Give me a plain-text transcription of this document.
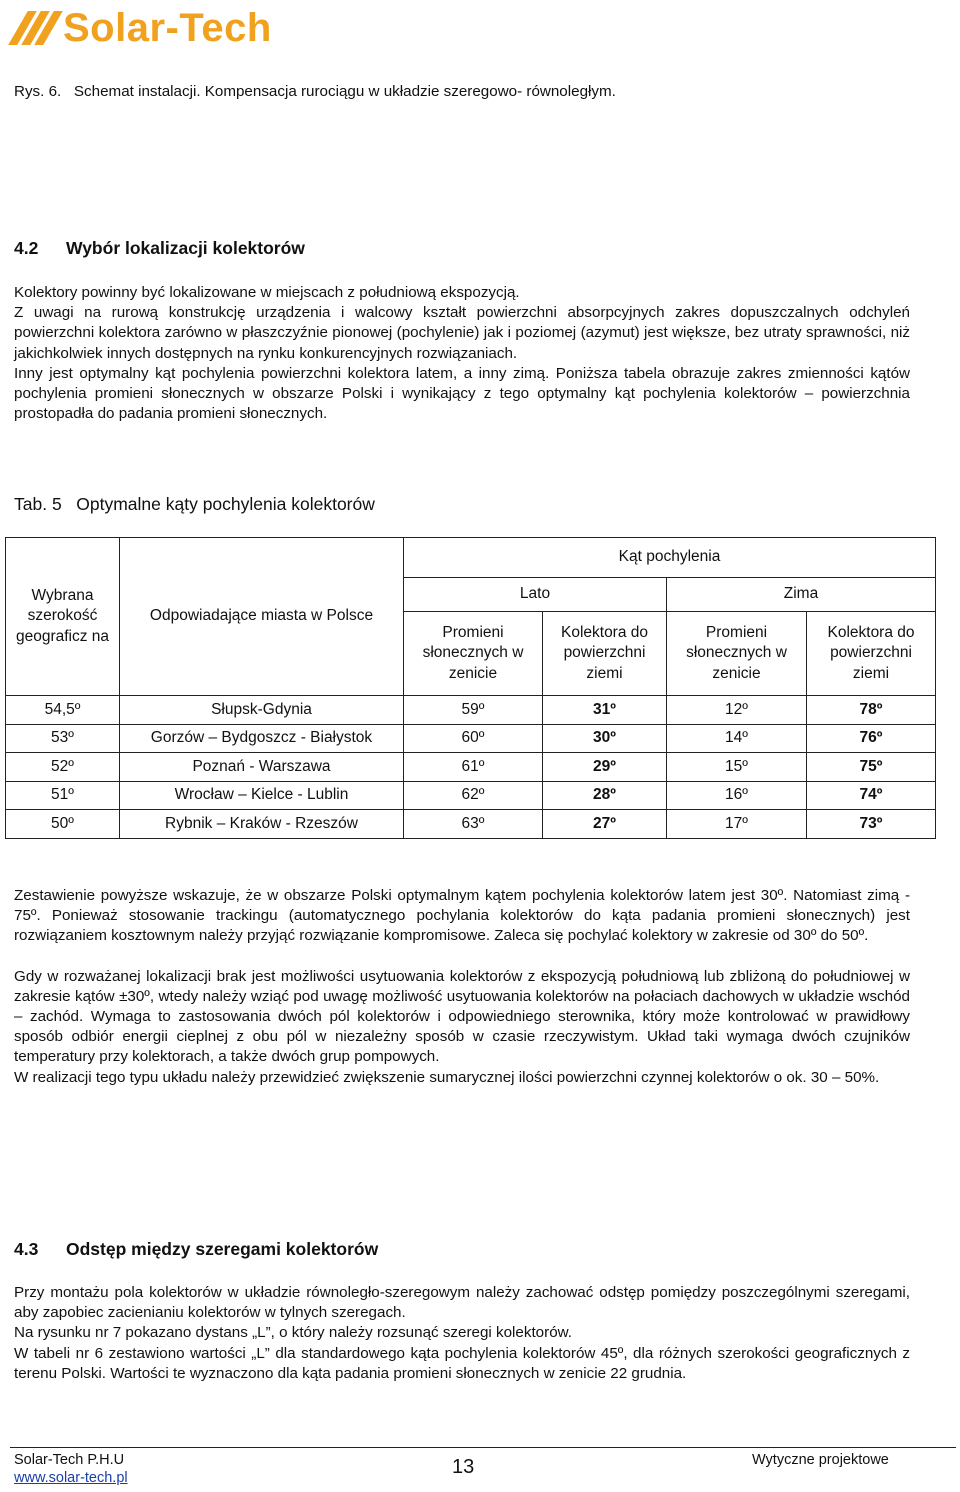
Solar-Tech

Rys. 6.   Schemat instalacji. Kompensacja rurociągu w układzie szeregowo- równoległym.

4.2 Wybór lokalizacji kolektorów

Kolektory powinny być lokalizowane w miejscach z południową ekspozycją.

Z uwagi na rurową konstrukcję urządzenia i walcowy kształt powierzchni absorpcyjnych zakres dopuszczalnych odchyleń powierzchni kolektora zarówno w płaszczyźnie pionowej (pochylenie) jak i poziomej (azymut) jest większe, bez utraty sprawności, niż jakichkolwiek innych dostępnych na rynku konkurencyjnych rozwiązaniach.

Inny jest optymalny kąt pochylenia powierzchni kolektora latem, a inny zimą. Poniższa tabela obrazuje zakres zmienności kątów pochylenia promieni słonecznych w obszarze Polski i wynikający z tego optymalny kąt pochylenia kolektorów – powierzchnia prostopadła do padania promieni słonecznych.

Tab. 5   Optymalne kąty pochylenia kolektorów

Wybrana szerokość geograficz na	Odpowiadające miasta w Polsce	Kąt pochylenia			
		Lato		Zima	
		Promieni słonecznych w zenicie	Kolektora do powierzchni ziemi	Promieni słonecznych w zenicie	Kolektora do powierzchni ziemi
54,5º	Słupsk-Gdynia	59º	31º	12º	78º
53º	Gorzów – Bydgoszcz - Białystok	60º	30º	14º	76º
52º	Poznań - Warszawa	61º	29º	15º	75º
51º	Wrocław – Kielce - Lublin	62º	28º	16º	74º
50º	Rybnik – Kraków - Rzeszów	63º	27º	17º	73º

Zestawienie powyższe wskazuje, że w obszarze Polski optymalnym kątem pochylenia kolektorów latem jest 30º. Natomiast zimą - 75º. Ponieważ stosowanie trackingu (automatycznego pochylania kolektorów do kąta padania promieni słonecznych) jest rozwiązaniem kosztownym należy przyjąć rozwiązanie kompromisowe. Zaleca się pochylać kolektory w zakresie od 30º do 50º.

Gdy w rozważanej lokalizacji brak jest możliwości usytuowania kolektorów z ekspozycją południową lub zbliżoną do południowej w zakresie kątów ±30º, wtedy należy wziąć pod uwagę możliwość usytuowania kolektorów na połaciach dachowych w układzie wschód – zachód. Wymaga to zastosowania dwóch pól kolektorów i odpowiedniego sterownika, który może kontrolować w prawidłowy sposób odbiór energii cieplnej z obu pól w niezależny sposób w czasie rzeczywistym. Układ taki wymaga dwóch czujników temperatury przy kolektorach, a także dwóch grup pompowych.

W realizacji tego typu układu należy przewidzieć zwiększenie sumarycznej ilości powierzchni czynnej kolektorów o ok. 30 – 50%.

4.3 Odstęp między szeregami kolektorów

Przy montażu pola kolektorów w układzie równoległo-szeregowym należy zachować odstęp pomiędzy poszczególnymi szeregami, aby zapobiec zacienianiu kolektorów w tylnych szeregach.

Na rysunku nr 7 pokazano dystans „L”, o który należy rozsunąć szeregi kolektorów.

W tabeli nr 6 zestawiono wartości „L” dla standardowego kąta pochylenia kolektorów 45º, dla różnych szerokości geograficznych z terenu Polski. Wartości te wyznaczono dla kąta padania promieni słonecznych w zenicie 22 grudnia.

Solar-Tech P.H.U

www.solar-tech.pl	13	Wytyczne projektowe
